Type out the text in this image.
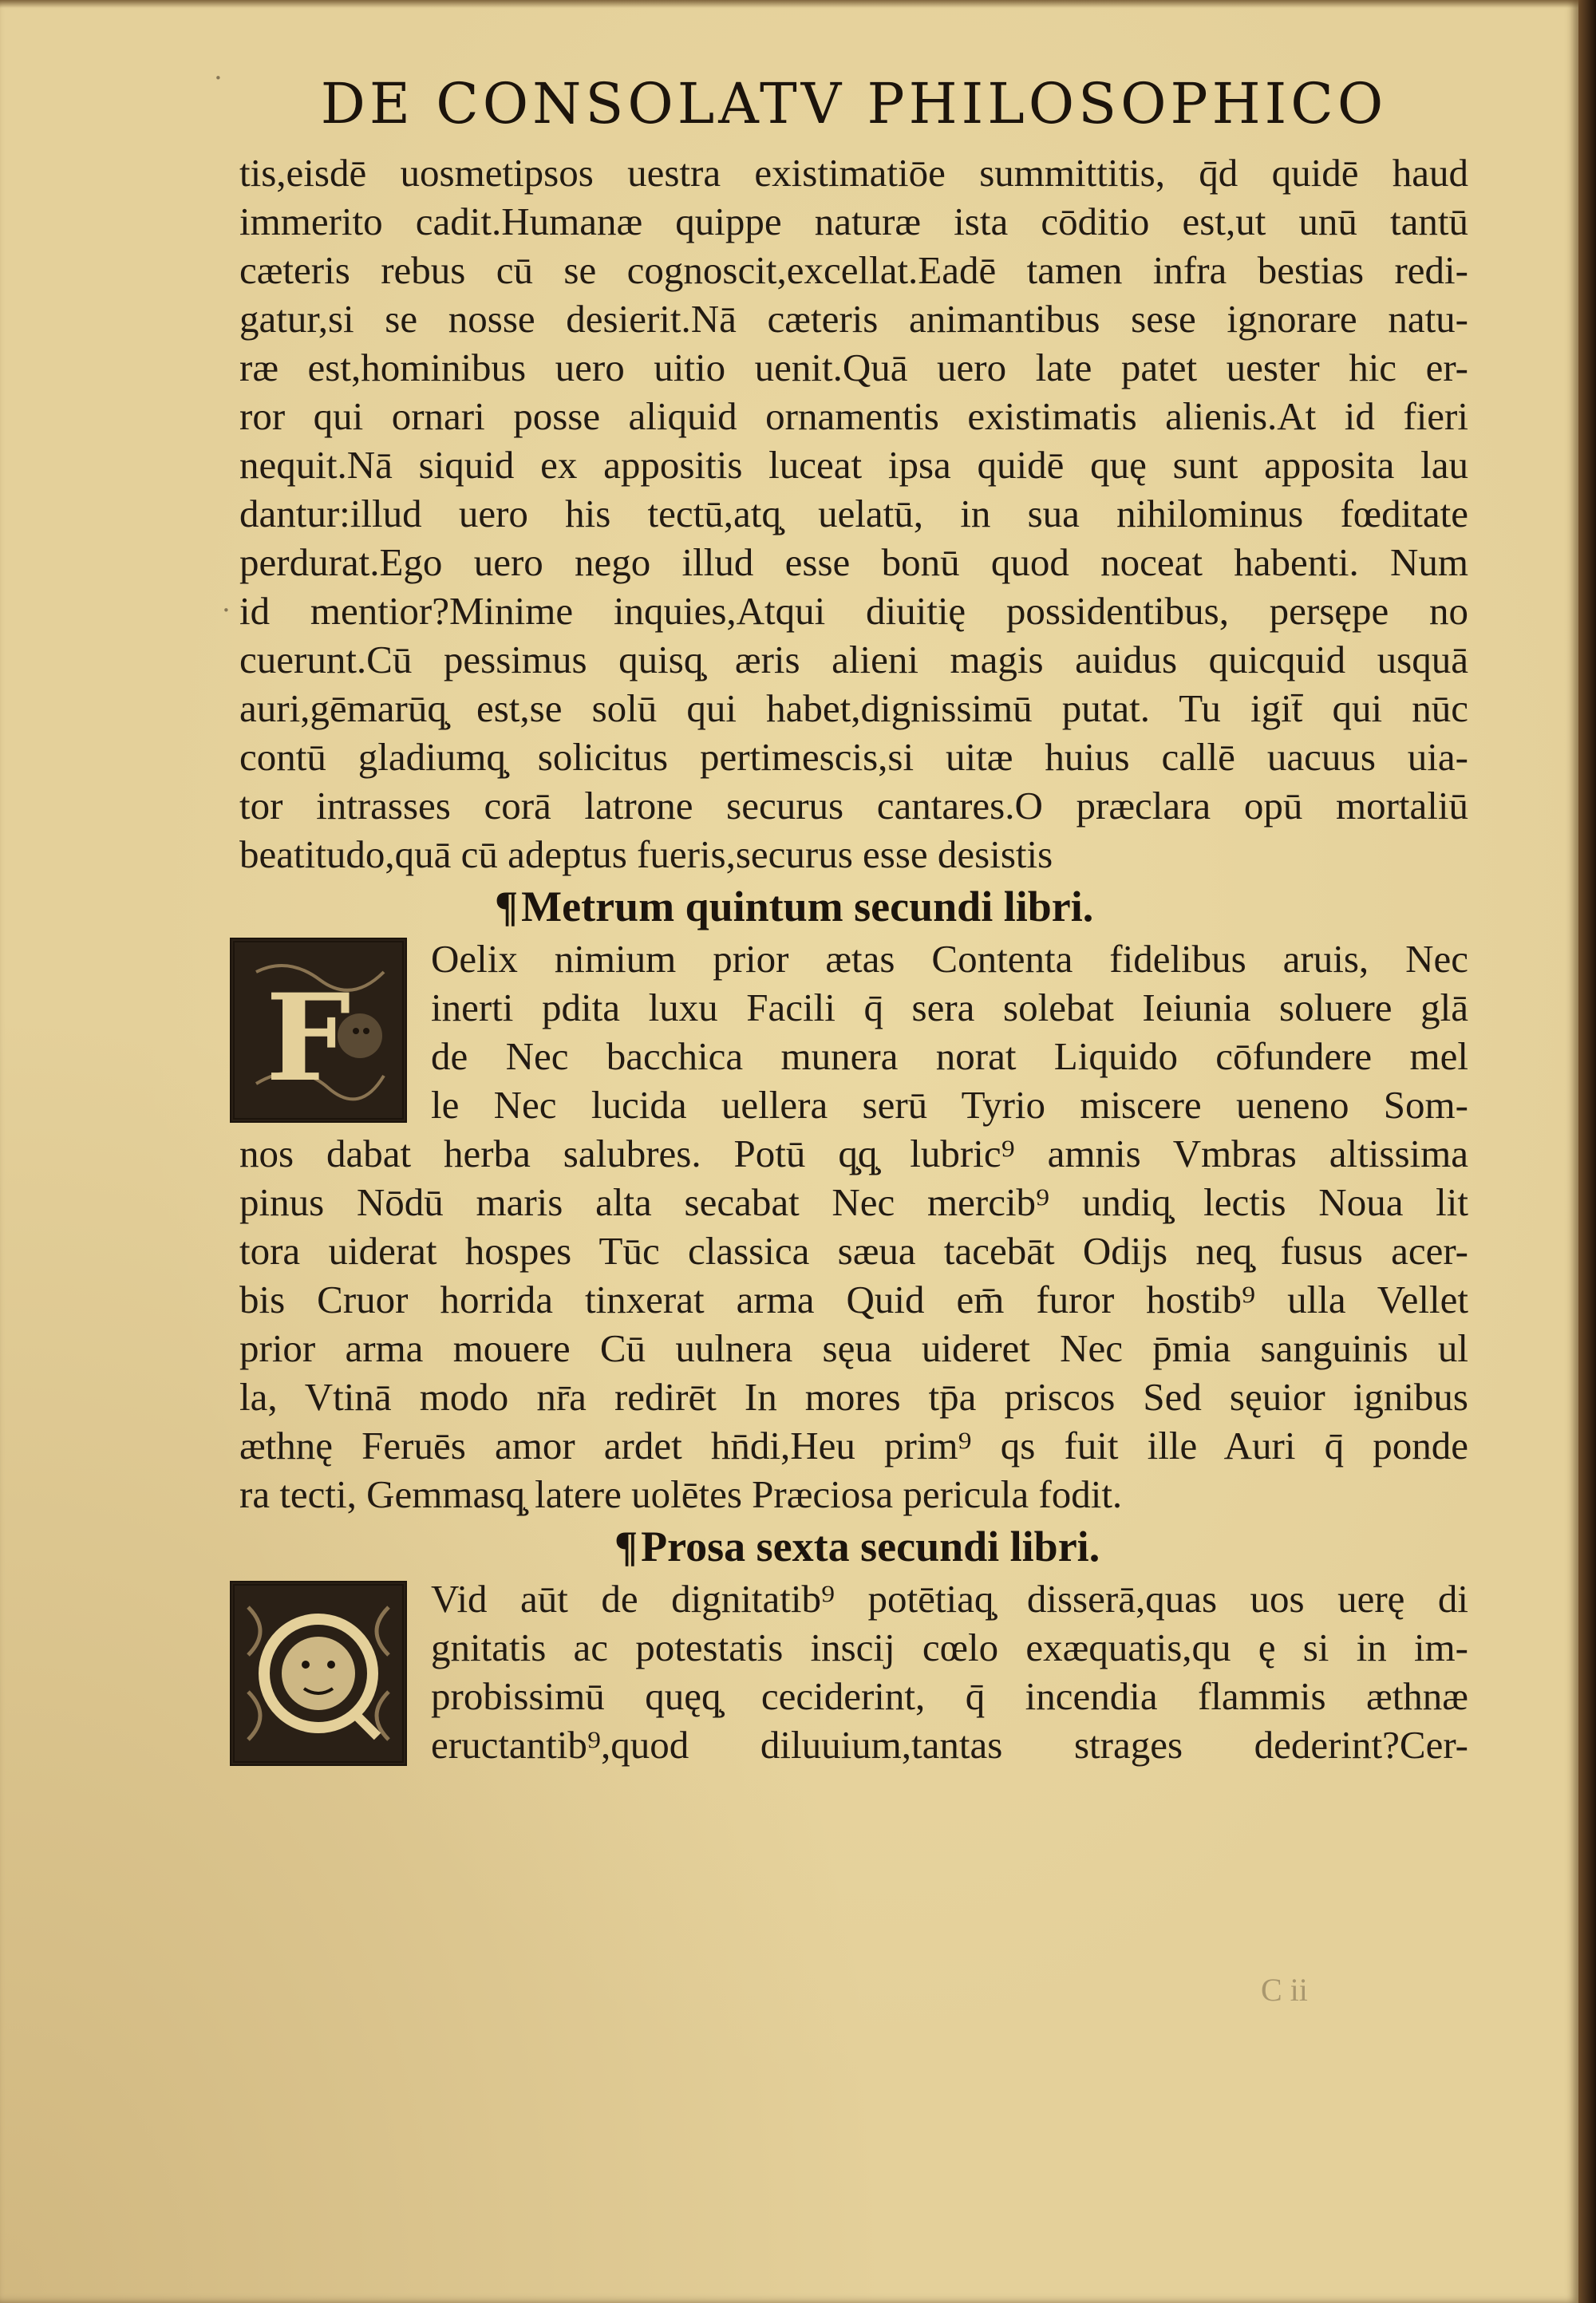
DE CONSOLATV PHILOSOPHICO
tis,eisdē uosmetipsos uestra existimatiōe summittitis, q̄d quidē haud
immerito cadit.Humanæ quippe naturæ ista cōditio est,ut unū tantū
cæteris rebus cū se cognoscit,excellat.Eadē tamen infra bestias redi-
gatur,si se nosse desierit.Nā cæteris animantibus sese ignorare natu-
ræ est,hominibus uero uitio uenit.Quā uero late patet uester hic er-
ror qui ornari posse aliquid ornamentis existimatis alienis.At id fieri
nequit.Nā siquid ex appositis luceat ipsa quidē quę sunt apposita lau
dantur:illud uero his tectū,atq̧ uelatū, in sua nihilominus fœditate
perdurat.Ego uero nego illud esse bonū quod noceat habenti. Num
id mentior?Minime inquies,Atqui diuitię possidentibus, persępe no
cuerunt.Cū pessimus quisq̧ æris alieni magis auidus quicquid usquā
auri,gēmarūq̧ est,se solū qui habet,dignissimū putat. Tu igit̄ qui nūc
contū gladiumq̧ solicitus pertimescis,si uitæ huius callē uacuus uia-
tor intrasses corā latrone securus cantares.O præclara opū mortaliū
beatitudo,quā cū adeptus fueris,securus esse desistis
¶Metrum quintum secundi libri.
F
Oelix nimium prior ætas Contenta fidelibus aruis, Nec
inerti pdita luxu Facili q̄ sera solebat Ieiunia soluere glā
de Nec bacchica munera norat Liquido cōfundere mel
le Nec lucida uellera serū Tyrio miscere ueneno Som-
nos dabat herba salubres. Potū q̧q̧ lubric⁹ amnis Vmbras altissima
pinus Nōdū maris alta secabat Nec mercib⁹ undiq̧ lectis Noua lit
tora uiderat hospes Tūc classica sæua tacebāt Odijs neq̧ fusus acer-
bis Cruor horrida tinxerat arma Quid em̄ furor hostib⁹ ulla Vellet
prior arma mouere Cū uulnera sęua uideret Nec p̄mia sanguinis ul
la, Vtinā modo nr̄a redirēt In mores tp̄a priscos Sed sęuior ignibus
æthnę Feruēs amor ardet hn̄di,Heu prim⁹ qs fuit ille Auri q̄ ponde
ra tecti, Gemmasq̧ latere uolētes Præciosa pericula fodit.
¶Prosa sexta secundi libri.
Vid aūt de dignitatib⁹ potētiaq̧ disserā,quas uos uerę di
gnitatis ac potestatis inscij cœlo exæquatis,qu ę si in im-
probissimū quęq̧ ceciderint, q̄ incendia flammis æthnæ
eructantib⁹,quod diluuium,tantas strages dederint?Cer-
C ii
·
·
